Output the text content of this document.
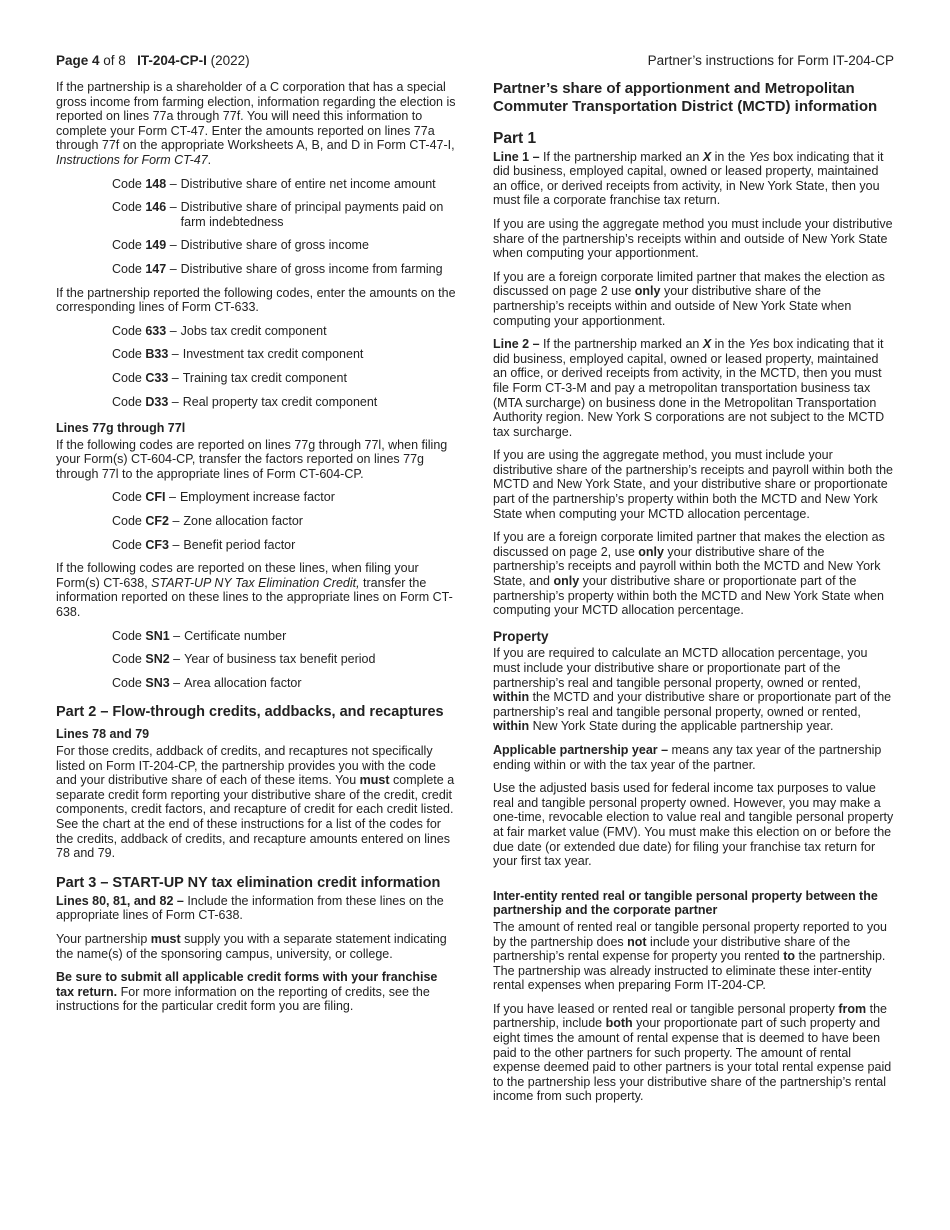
Page 4 of 8 IT-204-CP-I (2022)	Partner’s instructions for Form IT-204-CP

If the partnership is a shareholder of a C corporation that has a special gross income from farming election, information regarding the election is reported on lines 77a through 77f. You will need this information to complete your Form CT-47. Enter the amounts reported on lines 77a through 77f on the appropriate Worksheets A, B, and D in Form CT-47-I, Instructions for Form CT-47.

Code 148 – Distributive share of entire net income amount
Code 146 – Distributive share of principal payments paid on farm indebtedness
Code 149 – Distributive share of gross income
Code 147 – Distributive share of gross income from farming

If the partnership reported the following codes, enter the amounts on the corresponding lines of Form CT-633.

Code 633 – Jobs tax credit component
Code B33 – Investment tax credit component
Code C33 – Training tax credit component
Code D33 – Real property tax credit component
Lines 77g through 77l

If the following codes are reported on lines 77g through 77l, when filing your Form(s) CT-604-CP, transfer the factors reported on lines 77g through 77l to the appropriate lines of Form CT-604-CP.

Code CFI – Employment increase factor
Code CF2 – Zone allocation factor
Code CF3 – Benefit period factor

If the following codes are reported on these lines, when filing your Form(s) CT-638, START-UP NY Tax Elimination Credit, transfer the information reported on these lines to the appropriate lines on Form CT-638.

Code SN1 – Certificate number
Code SN2 – Year of business tax benefit period
Code SN3 – Area allocation factor
Part 2 – Flow-through credits, addbacks, and recaptures
Lines 78 and 79

For those credits, addback of credits, and recaptures not specifically listed on Form IT-204-CP, the partnership provides you with the code and your distributive share of each of these items. You must complete a separate credit form reporting your distributive share of the credit, credit components, credit factors, and recapture of credit for each credit listed. See the chart at the end of these instructions for a list of the codes for the credits, addback of credits, and recapture amounts entered on lines 78 and 79.

Part 3 – START-UP NY tax elimination credit information

Lines 80, 81, and 82 – Include the information from these lines on the appropriate lines of Form CT-638.

Your partnership must supply you with a separate statement indicating the name(s) of the sponsoring campus, university, or college.

Be sure to submit all applicable credit forms with your franchise tax return. For more information on the reporting of credits, see the instructions for the particular credit form you are filing.

Partner’s share of apportionment and Metropolitan Commuter Transportation District (MCTD) information
Part 1

Line 1 – If the partnership marked an X in the Yes box indicating that it did business, employed capital, owned or leased property, maintained an office, or derived receipts from activity, in New York State, then you must file a corporate franchise tax return.

If you are using the aggregate method you must include your distributive share of the partnership’s receipts within and outside of New York State when computing your apportionment.

If you are a foreign corporate limited partner that makes the election as discussed on page 2 use only your distributive share of the partnership’s receipts within and outside of New York State when computing your apportionment.

Line 2 – If the partnership marked an X in the Yes box indicating that it did business, employed capital, owned or leased property, maintained an office, or derived receipts from activity, in the MCTD, then you must file Form CT-3-M and pay a metropolitan transportation business tax (MTA surcharge) on business done in the Metropolitan Transportation Authority region. New York S corporations are not subject to the MCTD tax surcharge.

If you are using the aggregate method, you must include your distributive share of the partnership’s receipts and payroll within both the MCTD and New York State, and your distributive share or proportionate part of the partnership’s property within both the MCTD and New York State when computing your MCTD allocation percentage.

If you are a foreign corporate limited partner that makes the election as discussed on page 2, use only your distributive share of the partnership’s receipts and payroll within both the MCTD and New York State, and only your distributive share or proportionate part of the partnership’s property within both the MCTD and New York State when computing your MCTD allocation percentage.

Property

If you are required to calculate an MCTD allocation percentage, you must include your distributive share or proportionate part of the partnership’s real and tangible personal property, owned or rented, within the MCTD and your distributive share or proportionate part of the partnership’s real and tangible personal property, owned or rented, within New York State during the applicable partnership year.

Applicable partnership year – means any tax year of the partnership ending within or with the tax year of the partner.

Use the adjusted basis used for federal income tax purposes to value real and tangible personal property owned. However, you may make a one-time, revocable election to value real and tangible personal property at fair market value (FMV). You must make this election on or before the due date (or extended due date) for filing your franchise tax return for your first tax year.

Inter-entity rented real or tangible personal property between the partnership and the corporate partner

The amount of rented real or tangible personal property reported to you by the partnership does not include your distributive share of the partnership’s rental expense for property you rented to the partnership. The partnership was already instructed to eliminate these inter-entity rental expenses when preparing Form IT-204-CP.

If you have leased or rented real or tangible personal property from the partnership, include both your proportionate part of such property and eight times the amount of rental expense that is deemed to have been paid to the other partners for such property. The amount of rental expense deemed paid to other partners is your total rental expense paid to the partnership less your distributive share of the partnership’s rental income from such property.
